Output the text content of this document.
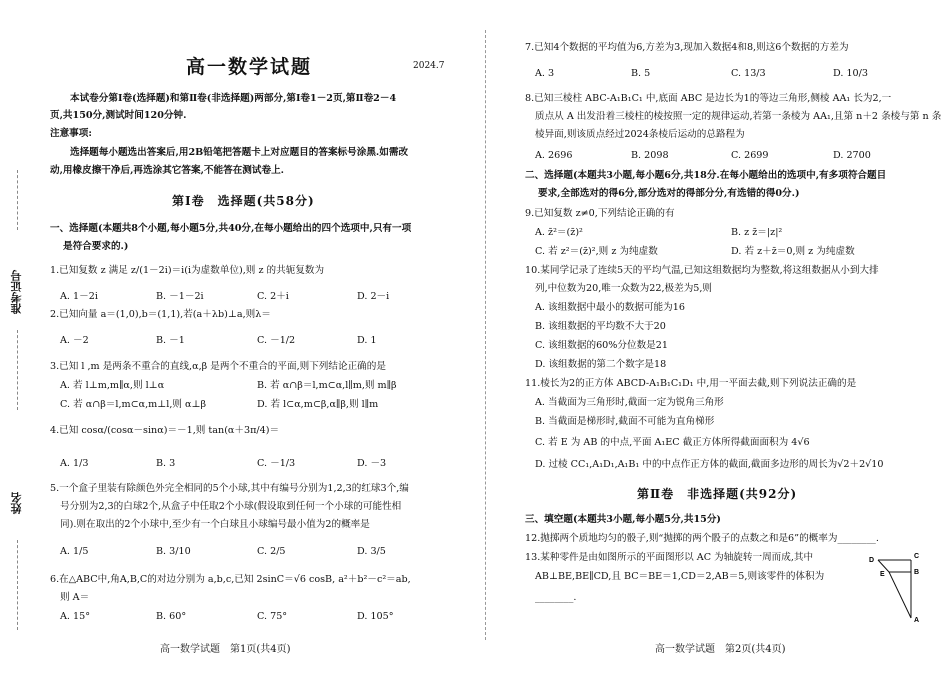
准考证号
姓名
高一数学试题	2024.7
本试卷分第Ⅰ卷(选择题)和第Ⅱ卷(非选择题)两部分,第Ⅰ卷1－2页,第Ⅱ卷2－4
页,共150分,测试时间120分钟.
注意事项:
选择题每小题选出答案后,用2B铅笔把答题卡上对应题目的答案标号涂黑.如需改
动,用橡皮擦干净后,再选涂其它答案,不能答在测试卷上.
第Ⅰ卷　选择题(共58分)
一、选择题(本题共8个小题,每小题5分,共40分,在每小题给出的四个选项中,只有一项
是符合要求的.)
1.已知复数 z 满足 z/(1－2i)＝i(i为虚数单位),则 z 的共轭复数为
A. 1－2i	B. －1－2i	C. 2＋i	D. 2－i
2.已知向量 a＝(1,0),b＝(1,1),若(a＋λb)⊥a,则λ＝
A. －2	B. －1	C. －1/2	D. 1
3.已知 l ,m 是两条不重合的直线,α,β 是两个不重合的平面,则下列结论正确的是
A. 若 l⊥m,m∥α,则 l⊥α	B. 若 α∩β＝l,m⊂α,l∥m,则 m∥β
C. 若 α∩β＝l,m⊂α,m⊥l,则 α⊥β	D. 若 l⊂α,m⊂β,α∥β,则 l∥m
4.已知 cosα/(cosα－sinα)＝－1,则 tan(α＋3π/4)＝
A. 1/3	B. 3	C. －1/3	D. －3
5.一个盒子里装有除颜色外完全相同的5个小球,其中有编号分别为1,2,3的红球3个,编
号分别为2,3的白球2个,从盒子中任取2个小球(假设取到任何一个小球的可能性相
同).则在取出的2个小球中,至少有一个白球且小球编号最小值为2的概率是
A. 1/5	B. 3/10	C. 2/5	D. 3/5
6.在△ABC中,角A,B,C的对边分别为 a,b,c,已知 2sinC＝√6 cosB, a²＋b²－c²＝ab,
则 A＝
A. 15°	B. 60°	C. 75°	D. 105°
高一数学试题　第1页(共4页)
7.已知4个数据的平均值为6,方差为3,现加入数据4和8,则这6个数据的方差为
A. 3	B. 5	C. 13/3	D. 10/3
8.已知三棱柱 ABC-A₁B₁C₁ 中,底面 ABC 是边长为1的等边三角形,侧棱 AA₁ 长为2,一
质点从 A 出发沿着三棱柱的棱按照一定的规律运动,若第一条棱为 AA₁,且第 n＋2 条棱与第 n 条
棱异面,则该质点经过2024条棱后运动的总路程为
A. 2696	B. 2098	C. 2699	D. 2700
二、选择题(本题共3小题,每小题6分,共18分.在每小题给出的选项中,有多项符合题目
要求,全部选对的得6分,部分选对的得部分分,有选错的得0分.)
9.已知复数 z≠0,下列结论正确的有
A. z̄²＝(z̄)²	B. z z̄＝|z|²
C. 若 z²＝(z̄)²,则 z 为纯虚数	D. 若 z＋z̄＝0,则 z 为纯虚数
10.某同学记录了连续5天的平均气温,已知这组数据均为整数,将这组数据从小到大排
列,中位数为20,唯一众数为22,极差为5,则
A. 该组数据中最小的数据可能为16
B. 该组数据的平均数不大于20
C. 该组数据的60%分位数是21
D. 该组数据的第二个数字是18
11.棱长为2的正方体 ABCD-A₁B₁C₁D₁ 中,用一平面去截,则下列说法正确的是
A. 当截面为三角形时,截面一定为锐角三角形
B. 当截面是梯形时,截面不可能为直角梯形
C. 若 E 为 AB 的中点,平面 A₁EC 截正方体所得截面面积为 4√6
D. 过棱 CC₁,A₁D₁,A₁B₁ 中的中点作正方体的截面,截面多边形的周长为√2＋2√10
第Ⅱ卷　非选择题(共92分)
三、填空题(本题共3小题,每小题5分,共15分)
12.抛掷两个质地均匀的骰子,则“抛掷的两个骰子的点数之和是6”的概率为________.
13.某种零件是由如图所示的平面图形以 AC 为轴旋转一周而成,其中
AB⊥BE,BE∥CD,且 BC＝BE＝1,CD＝2,AB＝5,则该零件的体积为
________.
D
C
E	B
A
高一数学试题　第2页(共4页)
